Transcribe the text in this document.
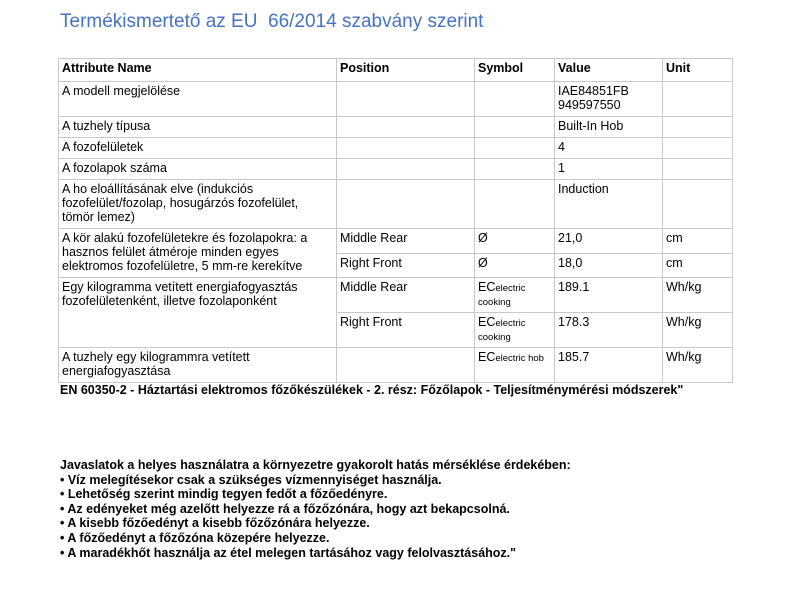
Termékismertető az EU  66/2014 szabvány szerint
Attribute Name	Position	Symbol	Value	Unit
A modell megjelölése			IAE84851FB 949597550	
A tuzhely típusa			Built-In Hob	
A fozofelületek			4	
A fozolapok száma			1	
A ho eloállításának elve (indukciós fozofelület/fozolap, hosugárzós fozofelület, tömör lemez)			Induction	
A kör alakú fozofelületekre és fozolapokra: a hasznos felület átméroje minden egyes elektromos fozofelületre, 5 mm-re kerekítve	Middle Rear	Ø	21,0	cm
	Right Front	Ø	18,0	cm
Egy kilogramma vetített energiafogyasztás fozofelületenként, illetve fozolaponként	Middle Rear	ECelectric cooking	189.1	Wh/kg
	Right Front	ECelectric cooking	178.3	Wh/kg
A tuzhely egy kilogrammra vetített energiafogyasztása		ECelectric hob	185.7	Wh/kg
EN 60350-2 - Háztartási elektromos főzőkészülékek - 2. rész: Főzőlapok - Teljesítménymérési módszerek"
Javaslatok a helyes használatra a környezetre gyakorolt hatás mérséklése érdekében:
• Víz melegítésekor csak a szükséges vízmennyiséget használja.
• Lehetőség szerint mindig tegyen fedőt a főzőedényre.
• Az edényeket még azelőtt helyezze rá a főzőzónára, hogy azt bekapcsolná.
• A kisebb főzőedényt a kisebb főzőzónára helyezze.
• A főzőedényt a főzőzóna közepére helyezze.
• A maradékhőt használja az étel melegen tartásához vagy felolvasztásához."
